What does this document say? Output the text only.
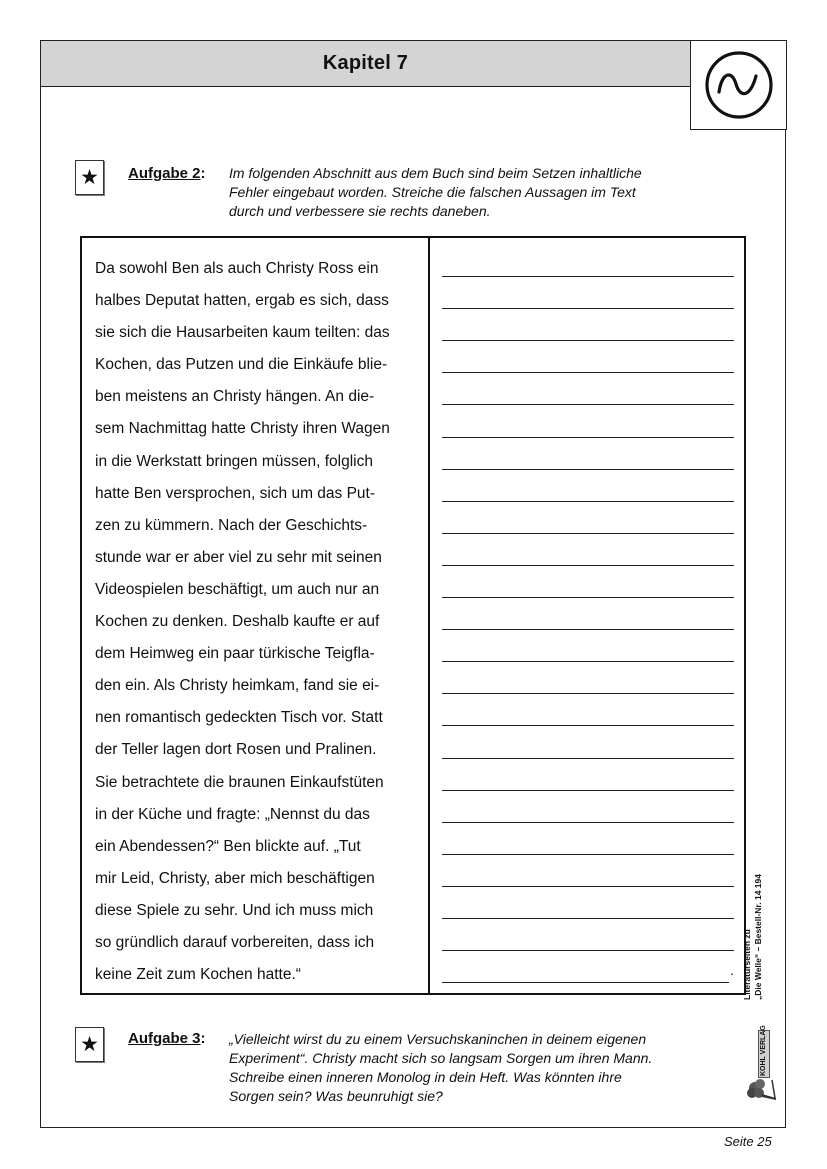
Kapitel 7
★ Aufgabe 2: Im folgenden Abschnitt aus dem Buch sind beim Setzen inhaltliche
Fehler eingebaut worden. Streiche die falschen Aussagen im Text
durch und verbessere sie rechts daneben.
Da sowohl Ben als auch Christy Ross ein
halbes Deputat hatten, ergab es sich, dass
sie sich die Hausarbeiten kaum teilten: das
Kochen, das Putzen und die Einkäufe blie-
ben meistens an Christy hängen. An die-
sem Nachmittag hatte Christy ihren Wagen
in die Werkstatt bringen müssen, folglich
hatte Ben versprochen, sich um das Put-
zen zu kümmern. Nach der Geschichts-
stunde war er aber viel zu sehr mit seinen
Videospielen beschäftigt, um auch nur an
Kochen zu denken. Deshalb kaufte er auf
dem Heimweg ein paar türkische Teigfla-
den ein. Als Christy heimkam, fand sie ei-
nen romantisch gedeckten Tisch vor. Statt
der Teller lagen dort Rosen und Pralinen.
Sie betrachtete die braunen Einkaufstüten
in der Küche und fragte: „Nennst du das
ein Abendessen?“ Ben blickte auf. „Tut
mir Leid, Christy, aber mich beschäftigen
diese Spiele zu sehr. Und ich muss mich
so gründlich darauf vorbereiten, dass ich
keine Zeit zum Kochen hatte.“	.
★ Aufgabe 3: „Vielleicht wirst du zu einem Versuchskaninchen in deinem eigenen
Experiment“. Christy macht sich so langsam Sorgen um ihren Mann.
Schreibe einen inneren Monolog in dein Heft. Was könnten ihre
Sorgen sein? Was beunruhigt sie?
Literaturseiten zu „Die Welle“ – Bestell-Nr. 14 194
KOHL VERLAG
Seite 25
